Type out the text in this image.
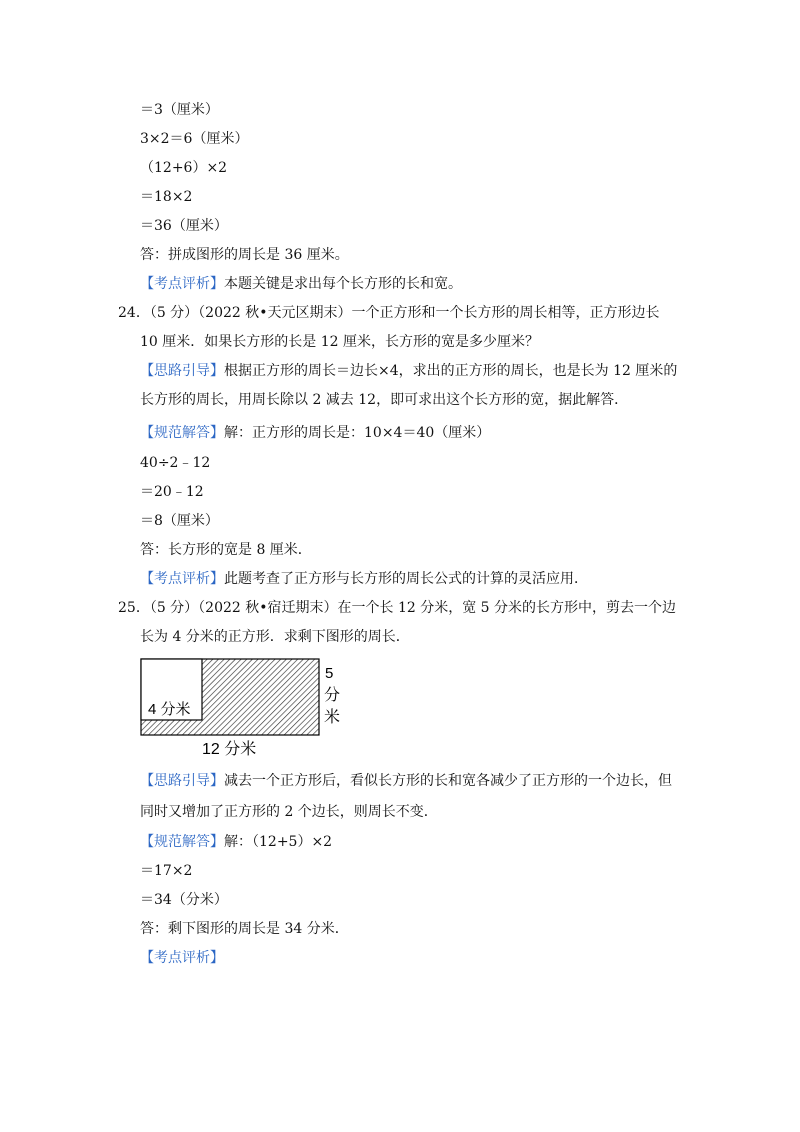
＝3（厘米）
3×2＝6（厘米）
（12+6）×2
＝18×2
＝36（厘米）
答：拼成图形的周长是 36 厘米。
【考点评析】本题关键是求出每个长方形的长和宽。
24．（5 分）（2022 秋•天元区期末）一个正方形和一个长方形的周长相等，正方形边长
10 厘米．如果长方形的长是 12 厘米，长方形的宽是多少厘米？
【思路引导】根据正方形的周长＝边长×4，求出的正方形的周长，也是长为 12 厘米的
长方形的周长，用周长除以 2 减去 12，即可求出这个长方形的宽，据此解答．
【规范解答】解：正方形的周长是：10×4＝40（厘米）
40÷2﹣12
＝20﹣12
＝8（厘米）
答：长方形的宽是 8 厘米．
【考点评析】此题考查了正方形与长方形的周长公式的计算的灵活应用．
25．（5 分）（2022 秋•宿迁期末）在一个长 12 分米，宽 5 分米的长方形中，剪去一个边
长为 4 分米的正方形．求剩下图形的周长．
4 分米
5
分
米
12 分米
【思路引导】减去一个正方形后，看似长方形的长和宽各减少了正方形的一个边长，但
同时又增加了正方形的 2 个边长，则周长不变．
【规范解答】解：（12+5）×2
＝17×2
＝34（分米）
答：剩下图形的周长是 34 分米．
【考点评析】
